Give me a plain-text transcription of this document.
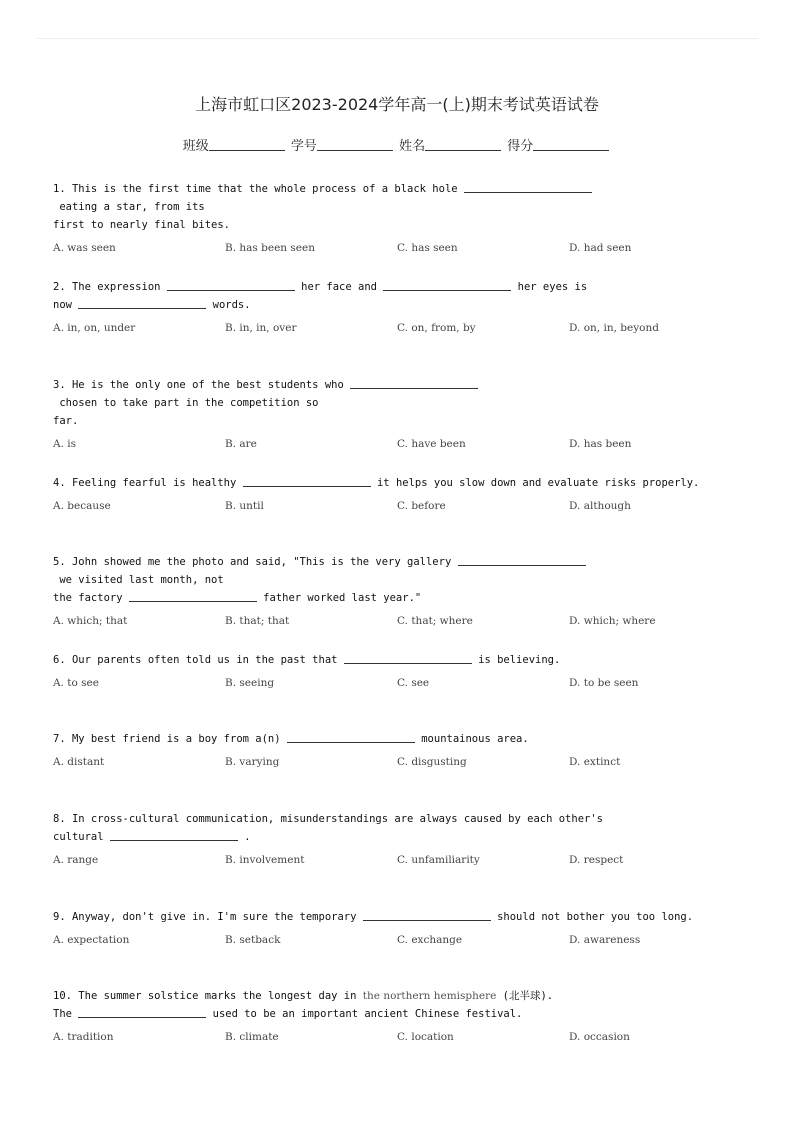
上海市虹口区2023-2024学年高一(上)期末考试英语试卷
班级	学号	姓名	得分
1. This is the first time that the whole process of a black hole  eating a star, from its
first to nearly final bites.
A. was seen	B. has been seen	C. has seen	D. had seen
2. The expression	her face and	her eyes is
now	words.
A. in, on, under	B. in, in, over	C. on, from, by	D. on, in, beyond
3. He is the only one of the best students who  chosen to take part in the competition so
far.
A. is	B. are	C. have been	D. has been
4. Feeling fearful is healthy	it helps you slow down and evaluate risks properly.
A. because	B. until	C. before	D. although
5. John showed me the photo and said, "This is the very gallery  we visited last month, not
the factory	father worked last year."
A. which; that	B. that; that	C. that; where	D. which; where
6. Our parents often told us in the past that	is believing.
A. to see	B. seeing	C. see	D. to be seen
7. My best friend is a boy from a(n)	mountainous area.
A. distant	B. varying	C. disgusting	D. extinct
8. In cross-cultural communication, misunderstandings are always caused by each other's
cultural	.
A. range	B. involvement	C. unfamiliarity	D. respect
9. Anyway, don't give in. I'm sure the temporary	should not bother you too long.
A. expectation	B. setback	C. exchange	D. awareness
10. The summer solstice marks the longest day in the northern hemisphere (北半球).
The	used to be an important ancient Chinese festival.
A. tradition	B. climate	C. location	D. occasion
